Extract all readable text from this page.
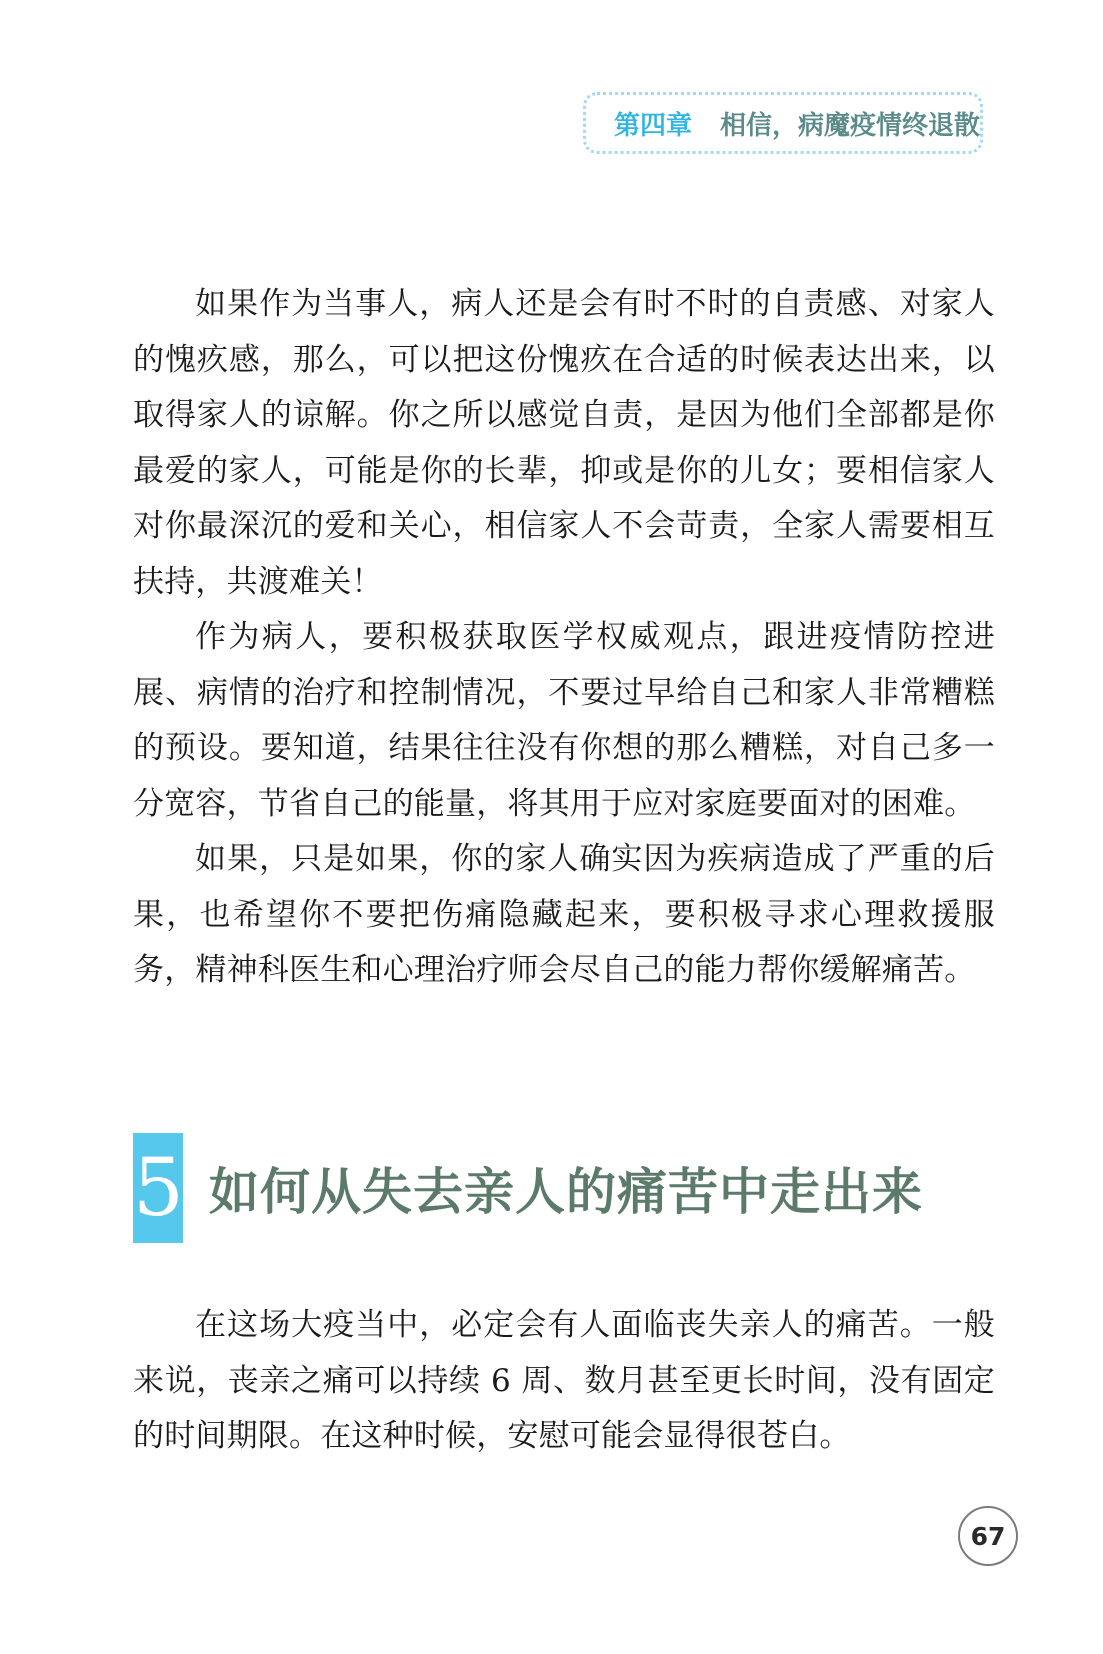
第四章 相信，病魔疫情终退散

如果作为当事人，病人还是会有时不时的自责感、对家人的愧疚感，那么，可以把这份愧疚在合适的时候表达出来，以取得家人的谅解。你之所以感觉自责，是因为他们全部都是你最爱的家人，可能是你的长辈，抑或是你的儿女；要相信家人对你最深沉的爱和关心，相信家人不会苛责，全家人需要相互扶持，共渡难关！

作为病人，要积极获取医学权威观点，跟进疫情防控进展、病情的治疗和控制情况，不要过早给自己和家人非常糟糕的预设。要知道，结果往往没有你想的那么糟糕，对自己多一分宽容，节省自己的能量，将其用于应对家庭要面对的困难。

如果，只是如果，你的家人确实因为疾病造成了严重的后果，也希望你不要把伤痛隐藏起来，要积极寻求心理救援服务，精神科医生和心理治疗师会尽自己的能力帮你缓解痛苦。

5 如何从失去亲人的痛苦中走出来

在这场大疫当中，必定会有人面临丧失亲人的痛苦。一般来说，丧亲之痛可以持续 6 周、数月甚至更长时间，没有固定的时间期限。在这种时候，安慰可能会显得很苍白。

67
